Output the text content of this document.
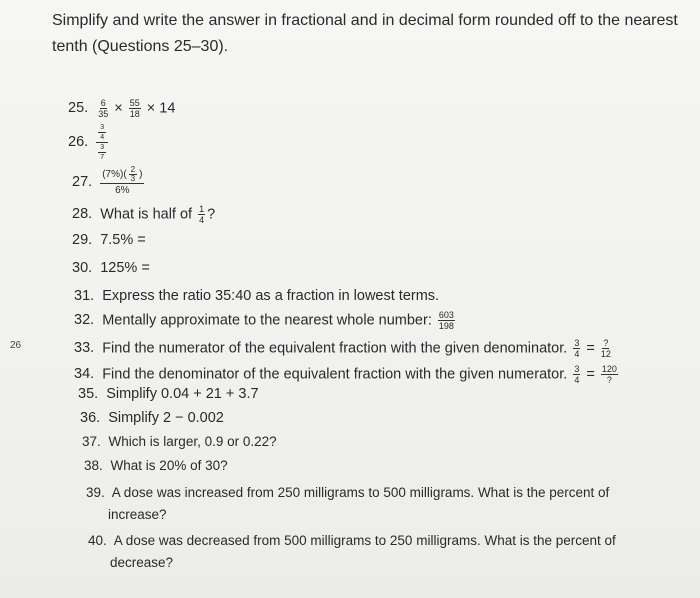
Simplify and write the answer in fractional and in decimal form rounded off to the nearest
tenth (Questions 25–30).
26
25. $\frac{6}{35} \times \frac{55}{18} \times 14$
26.
3
4
3
7
27. $\frac{(7\%)( \frac{2}{3} )}{6\%}$
28. What is half of $\frac{1}{4}$ ?
29. 7.5% =
30. 125% =
31. Express the ratio 35:40 as a fraction in lowest terms.
32. Mentally approximate to the nearest whole number: $\frac{603}{198}$
33. Find the numerator of the equivalent fraction with the given denominator. $\frac{3}{4} = \frac{?}{12}$
34. Find the denominator of the equivalent fraction with the given numerator. $\frac{3}{4} = \frac{120}{?}$
35. Simplify 0.04 + 21 + 3.7
36. Simplify 2 − 0.002
37. Which is larger, 0.9 or 0.22?
38. What is 20% of 30?
39. A dose was increased from 250 milligrams to 500 milligrams. What is the percent of
increase?
40. A dose was decreased from 500 milligrams to 250 milligrams. What is the percent of
decrease?
